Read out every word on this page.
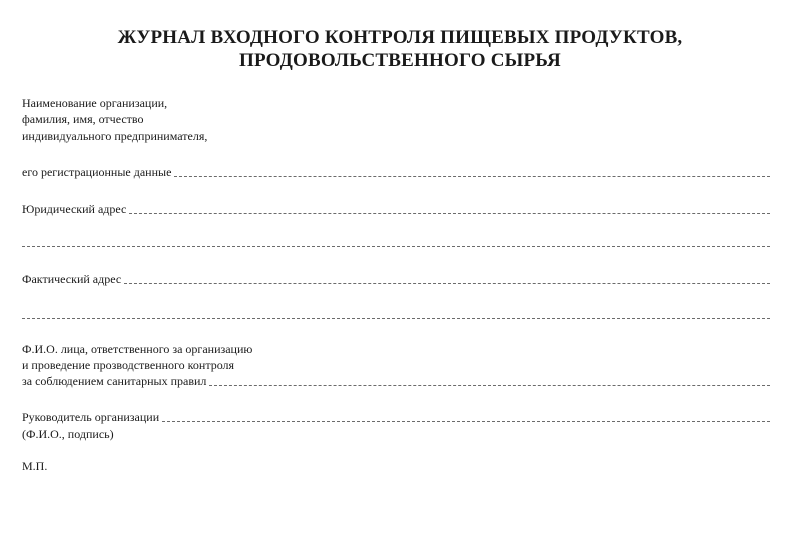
ЖУРНАЛ ВХОДНОГО КОНТРОЛЯ ПИЩЕВЫХ ПРОДУКТОВ,
ПРОДОВОЛЬСТВЕННОГО СЫРЬЯ
Наименование организации,
фамилия, имя, отчество
индивидуального предпринимателя,
его регистрационные данные
Юридический адрес
Фактический адрес
Ф.И.О. лица, ответственного за организацию
и проведение прозводственного контроля
за соблюдением санитарных правил
Руководитель организации
(Ф.И.О., подпись)
М.П.
